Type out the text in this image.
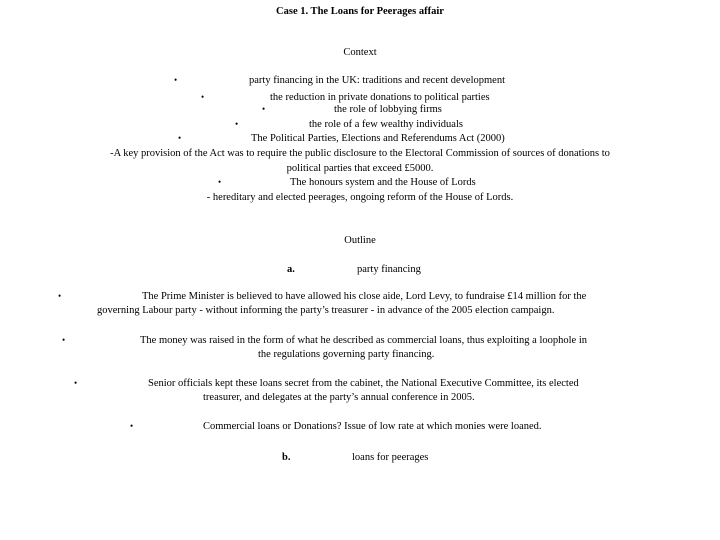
Case 1. The Loans for Peerages affair
Context
•	party financing in the UK: traditions and recent development
•	the reduction in private donations to political parties
•	the role of lobbying firms
•	the role of a few wealthy individuals
•	The Political Parties, Elections and Referendums Act (2000)
-A key provision of the Act was to require the public disclosure to the Electoral Commission of sources of donations to
political parties that exceed £5000.
•	The honours system and the House of Lords
- hereditary and elected peerages, ongoing reform of the House of Lords.
Outline
a.	party financing
•	The Prime Minister is believed to have allowed his close aide, Lord Levy, to fundraise £14 million for the
governing Labour party - without informing the party’s treasurer - in advance of the 2005 election campaign.
•	The money was raised in the form of what he described as commercial loans, thus exploiting a loophole in
the regulations governing party financing.
•	Senior officials kept these loans secret from the cabinet, the National Executive Committee, its elected
treasurer, and delegates at the party’s annual conference in 2005.
•	Commercial loans or Donations? Issue of low rate at which monies were loaned.
b.	loans for peerages
